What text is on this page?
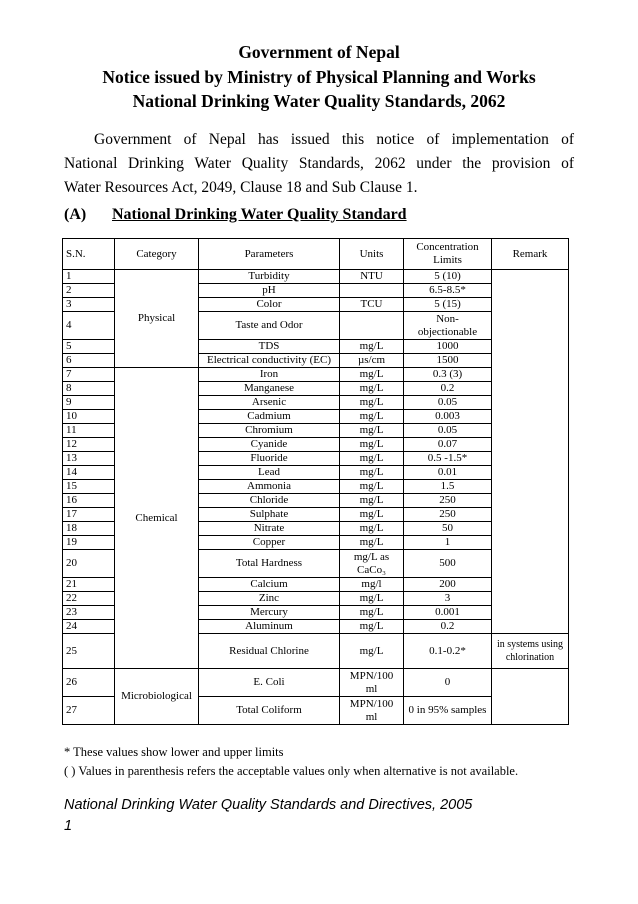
Government of Nepal
Notice issued by Ministry of Physical Planning and Works
National Drinking Water Quality Standards, 2062
Government of Nepal has issued this notice of implementation of
National Drinking Water Quality Standards, 2062 under the provision of
Water Resources Act, 2049, Clause 18 and Sub Clause 1.
(A) National Drinking Water Quality Standard
S.N.	Category	Parameters	Units	Concentration Limits	Remark
1	Physical	Turbidity	NTU	5 (10)	
2		pH		6.5-8.5*	
3		Color	TCU	5 (15)	
4		Taste and Odor		Non-objectionable	
5		TDS	mg/L	1000	
6		Electrical conductivity (EC)	µs/cm	1500	
7	Chemical	Iron	mg/L	0.3 (3)	
8		Manganese	mg/L	0.2	
9		Arsenic	mg/L	0.05	
10		Cadmium	mg/L	0.003	
11		Chromium	mg/L	0.05	
12		Cyanide	mg/L	0.07	
13		Fluoride	mg/L	0.5 -1.5*	
14		Lead	mg/L	0.01	
15		Ammonia	mg/L	1.5	
16		Chloride	mg/L	250	
17		Sulphate	mg/L	250	
18		Nitrate	mg/L	50	
19		Copper	mg/L	1	
20		Total Hardness	mg/L as CaCo₃	500	
21		Calcium	mg/l	200	
22		Zinc	mg/L	3	
23		Mercury	mg/L	0.001	
24		Aluminum	mg/L	0.2	
25		Residual Chlorine	mg/L	0.1-0.2*	in systems using chlorination
26	Microbiological	E. Coli	MPN/100 ml	0	
27		Total Coliform	MPN/100 ml	0 in 95% samples	
* These values show lower and upper limits
( ) Values in parenthesis refers the acceptable values only when alternative is not available.
National Drinking Water Quality Standards and Directives, 2005
1
